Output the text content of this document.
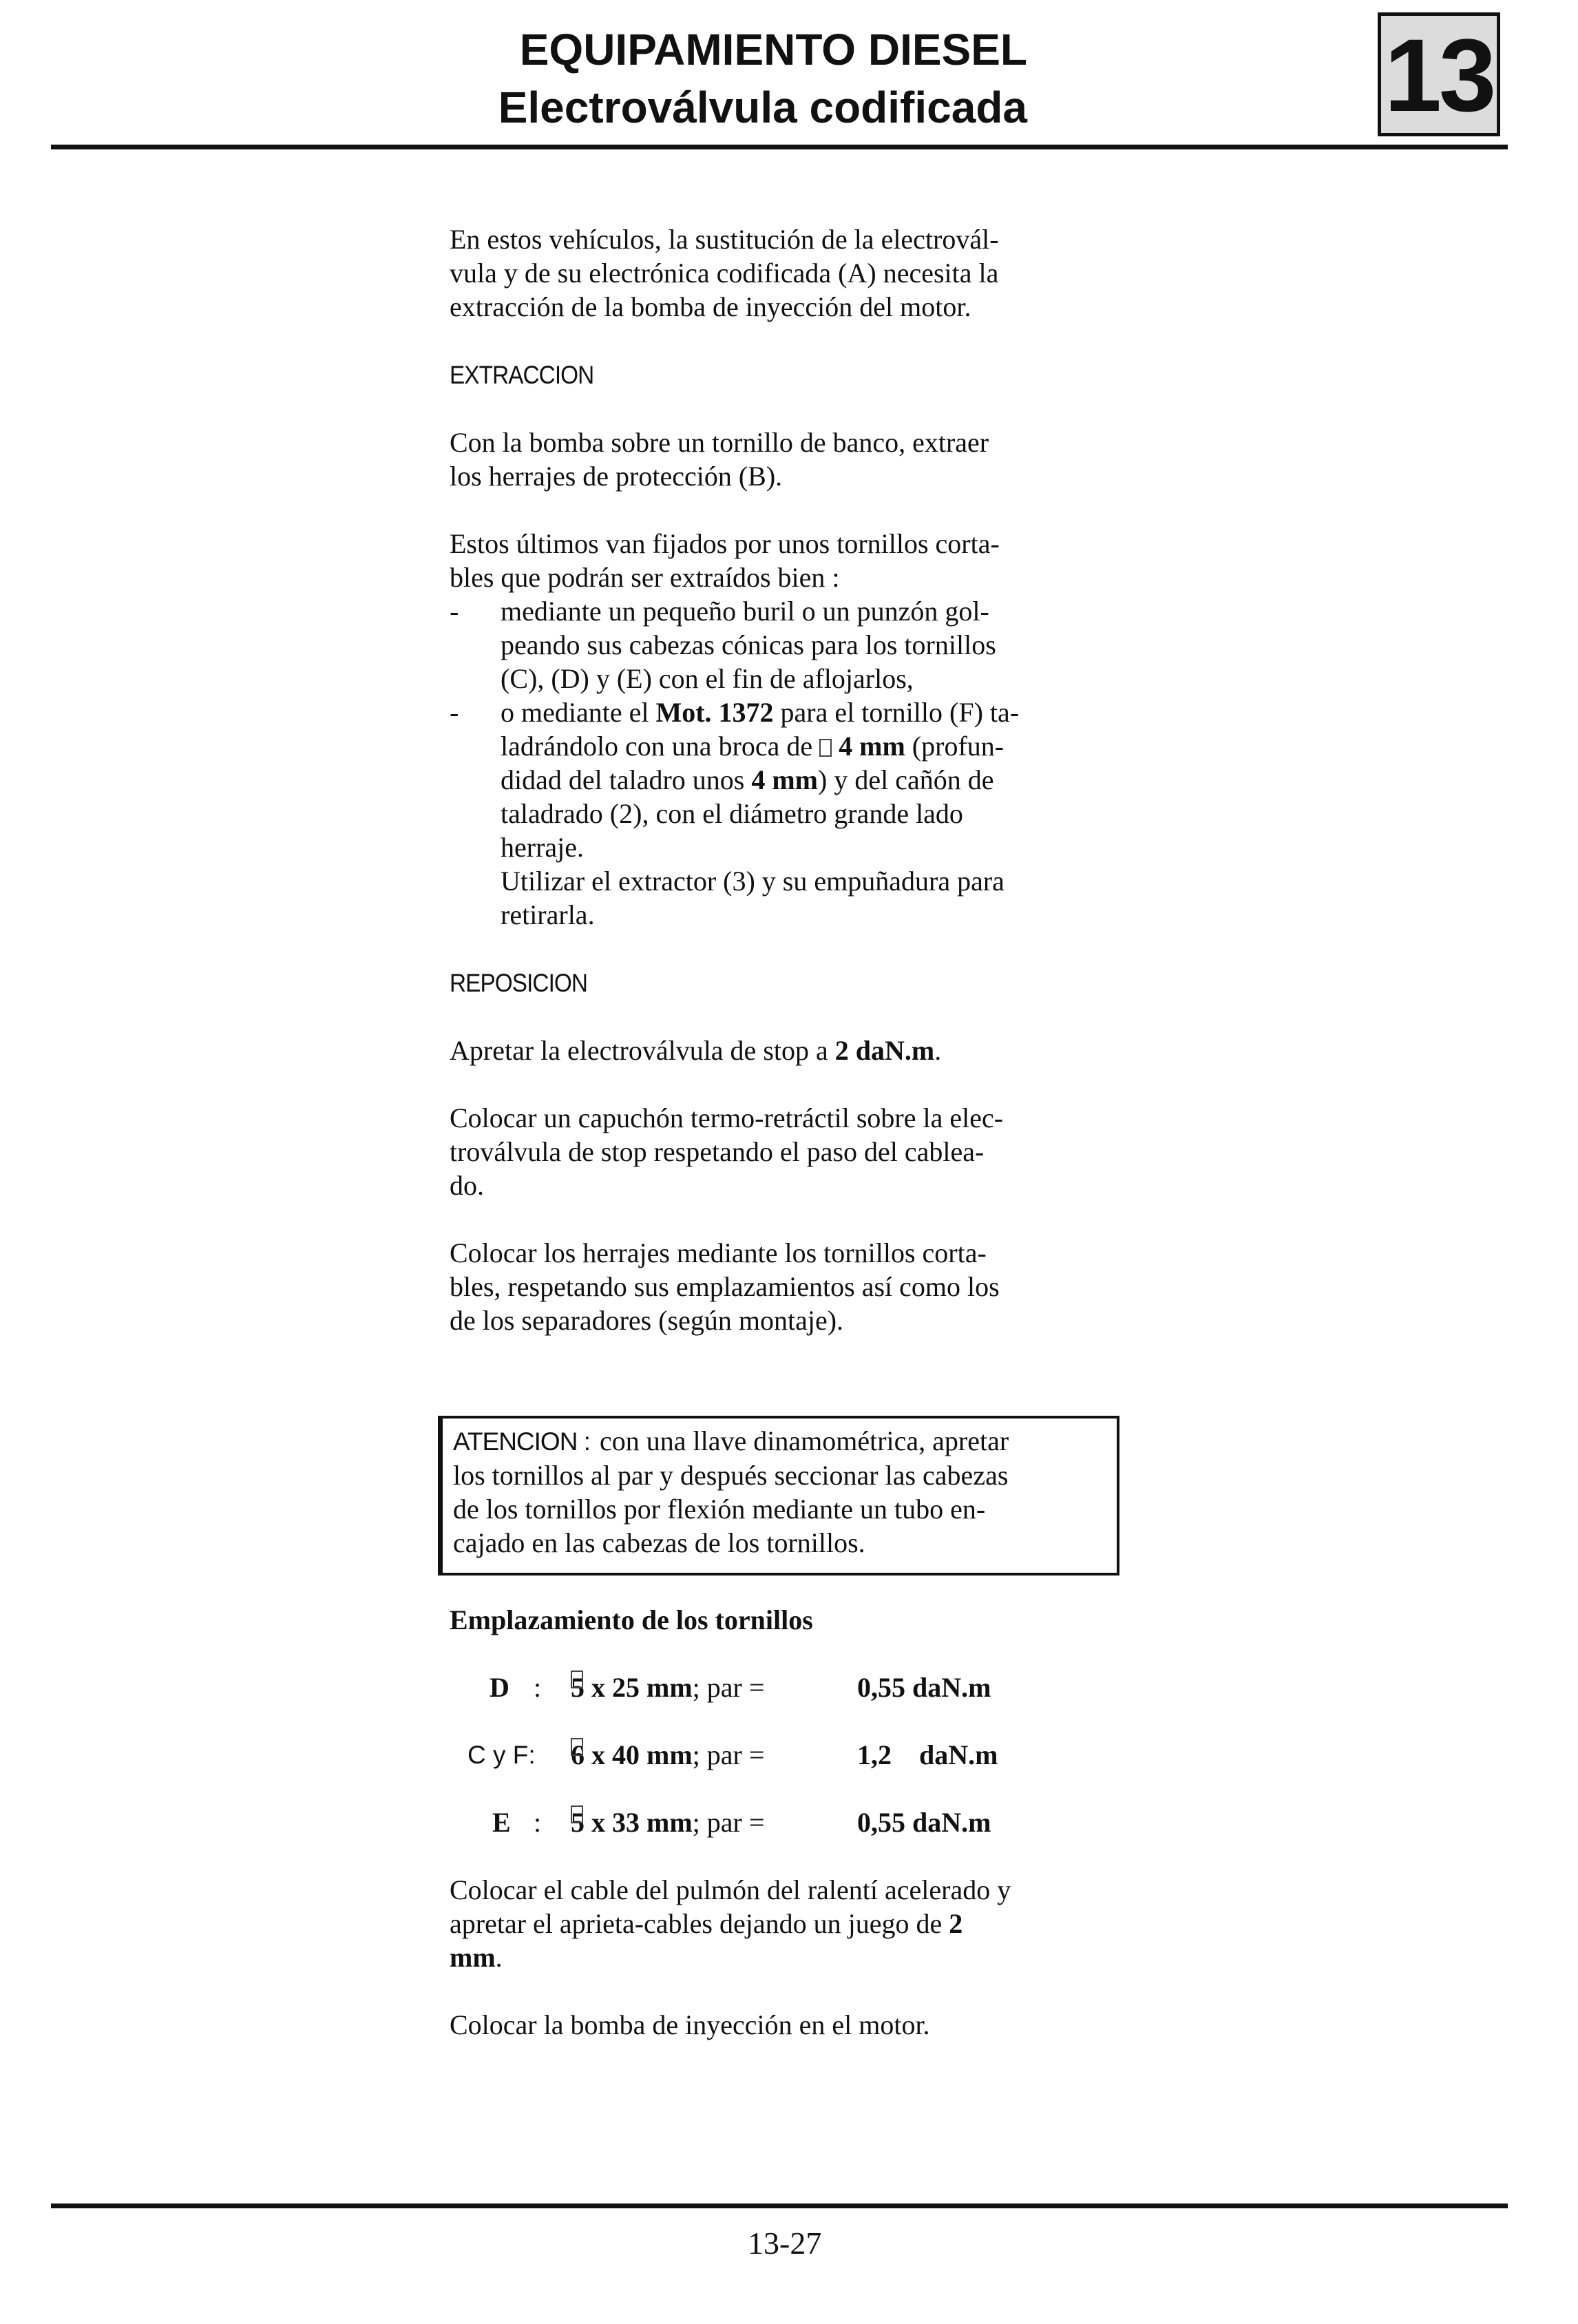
EQUIPAMIENTO DIESEL
Electroválvula codificada	13

En estos vehículos, la sustitución de la electrovál-

vula y de su electrónica codificada (A) necesita la

extracción de la bomba de inyección del motor.

EXTRACCION

Con la bomba sobre un tornillo de banco, extraer

los herrajes de protección (B).

Estos últimos van fijados por unos tornillos corta-

bles que podrán ser extraídos bien :

- mediante un pequeño buril o un punzón gol-

peando sus cabezas cónicas para los tornillos

(C), (D) y (E) con el fin de aflojarlos,

- o mediante el Mot. 1372 para el tornillo (F) ta-

ladrándolo con una broca de 4 mm (profun-

didad del taladro unos 4 mm) y del cañón de

taladrado (2), con el diámetro grande lado

herraje.

Utilizar el extractor (3) y su empuñadura para

retirarla.

REPOSICION

Apretar la electroválvula de stop a 2 daN.m.

Colocar un capuchón termo-retráctil sobre la elec-

troválvula de stop respetando el paso del cablea-

do.

Colocar los herrajes mediante los tornillos corta-

bles, respetando sus emplazamientos así como los

de los separadores (según montaje).

ATENCION : con una llave dinamométrica, apretar

los tornillos al par y después seccionar las cabezas

de los tornillos por flexión mediante un tubo en-

cajado en las cabezas de los tornillos.

Emplazamiento de los tornillos

D : 5 x 25 mm ; par =	0,55 daN.m
C y F: 6 x 40 mm ; par =	1,2    daN.m
E : 5 x 33 mm ; par =	0,55 daN.m

Colocar el cable del pulmón del ralentí acelerado y

apretar el aprieta-cables dejando un juego de 2

mm.

Colocar la bomba de inyección en el motor.

13-27
